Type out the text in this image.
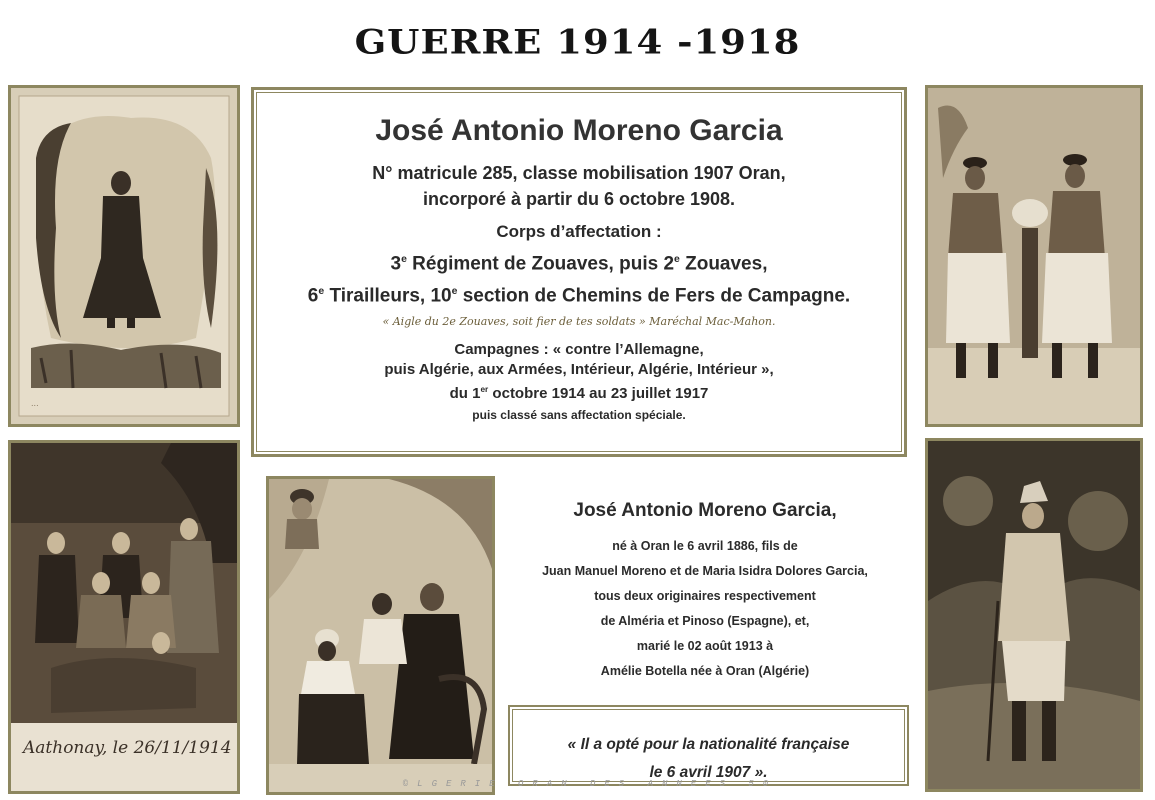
GUERRE 1914 -1918
...
Aathonay, le 26/11/1914
José Antonio Moreno Garcia
N° matricule 285, classe mobilisation 1907 Oran,
incorporé à partir du 6 octobre 1908.
Corps d’affectation :
3e Régiment de Zouaves, puis 2e Zouaves,
6e Tirailleurs, 10e section de Chemins de Fers de Campagne.
« Aigle du 2e Zouaves, soit fier de tes soldats » Maréchal Mac-Mahon.
Campagnes : « contre l’Allemagne,
puis Algérie, aux Armées, Intérieur, Algérie, Intérieur »,
du 1er octobre 1914 au 23 juillet 1917
puis classé sans affectation spéciale.
José Antonio Moreno Garcia,
né à Oran le 6 avril 1886, fils de
Juan Manuel Moreno et de Maria Isidra Dolores Garcia,
tous deux originaires respectivement
de Alméria et Pinoso (Espagne), et,
marié le 02 août 1913 à
Amélie Botella née à Oran (Algérie)
« Il a opté pour la nationalité française
le 6 avril 1907 ».
©LGERIE ORAN DES ANNEES 50
